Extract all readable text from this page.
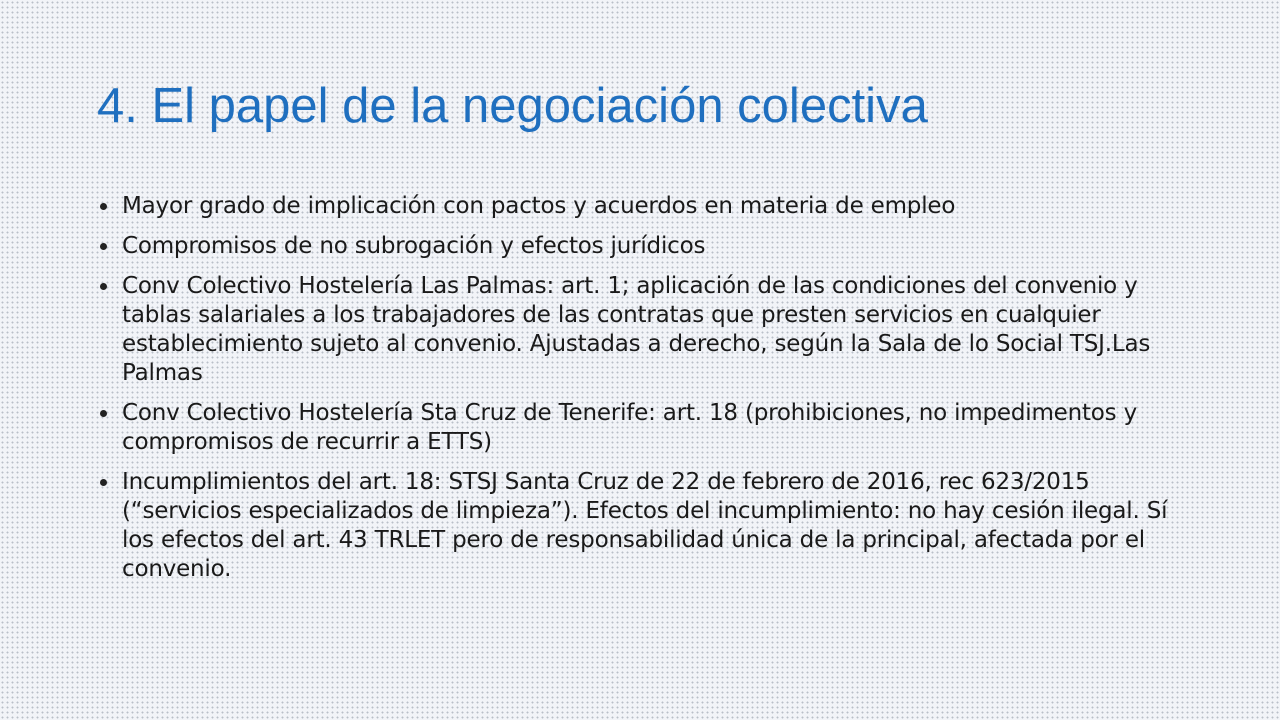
4. El papel de la negociación colectiva
Mayor grado de implicación con pactos y acuerdos en materia de empleo
Compromisos de no subrogación y efectos jurídicos
Conv Colectivo Hostelería Las Palmas: art. 1; aplicación de las condiciones del convenio y tablas salariales a los trabajadores de las contratas que presten servicios en cualquier establecimiento sujeto al convenio. Ajustadas a derecho, según la Sala de lo Social TSJ.Las Palmas
Conv Colectivo Hostelería Sta Cruz de Tenerife: art. 18 (prohibiciones, no impedimentos y compromisos de recurrir a ETTS)
Incumplimientos del art. 18: STSJ Santa Cruz de 22 de febrero de 2016, rec 623/2015 (“servicios especializados de limpieza”). Efectos del incumplimiento: no hay cesión ilegal. Sí los efectos del art. 43 TRLET pero de responsabilidad única de la principal, afectada por el convenio.
